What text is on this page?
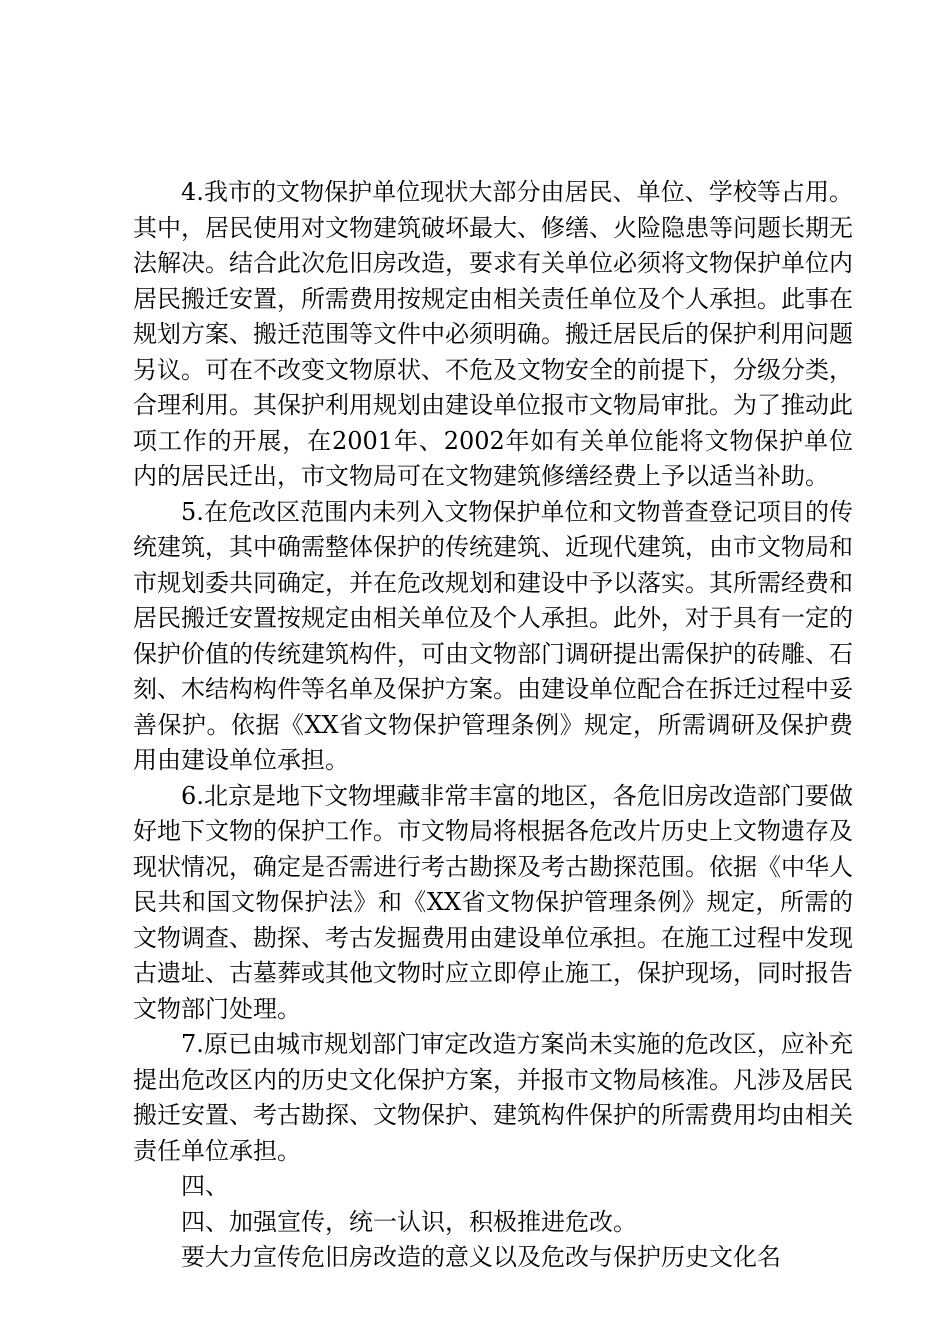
4.我市的文物保护单位现状大部分由居民、单位、学校等占用。其中，居民使用对文物建筑破坏最大、修缮、火险隐患等问题长期无法解决。结合此次危旧房改造，要求有关单位必须将文物保护单位内居民搬迁安置，所需费用按规定由相关责任单位及个人承担。此事在规划方案、搬迁范围等文件中必须明确。搬迁居民后的保护利用问题另议。可在不改变文物原状、不危及文物安全的前提下，分级分类，合理利用。其保护利用规划由建设单位报市文物局审批。为了推动此项工作的开展，在2001年、2002年如有关单位能将文物保护单位内的居民迁出，市文物局可在文物建筑修缮经费上予以适当补助。

5.在危改区范围内未列入文物保护单位和文物普查登记项目的传统建筑，其中确需整体保护的传统建筑、近现代建筑，由市文物局和市规划委共同确定，并在危改规划和建设中予以落实。其所需经费和居民搬迁安置按规定由相关单位及个人承担。此外，对于具有一定的保护价值的传统建筑构件，可由文物部门调研提出需保护的砖雕、石刻、木结构构件等名单及保护方案。由建设单位配合在拆迁过程中妥善保护。依据《XX省文物保护管理条例》规定，所需调研及保护费用由建设单位承担。

6.北京是地下文物埋藏非常丰富的地区，各危旧房改造部门要做好地下文物的保护工作。市文物局将根据各危改片历史上文物遗存及现状情况，确定是否需进行考古勘探及考古勘探范围。依据《中华人民共和国文物保护法》和《XX省文物保护管理条例》规定，所需的文物调查、勘探、考古发掘费用由建设单位承担。在施工过程中发现古遗址、古墓葬或其他文物时应立即停止施工，保护现场，同时报告文物部门处理。

7.原已由城市规划部门审定改造方案尚未实施的危改区，应补充提出危改区内的历史文化保护方案，并报市文物局核准。凡涉及居民搬迁安置、考古勘探、文物保护、建筑构件保护的所需费用均由相关责任单位承担。

四、

四、加强宣传，统一认识，积极推进危改。

要大力宣传危旧房改造的意义以及危改与保护历史文化名
